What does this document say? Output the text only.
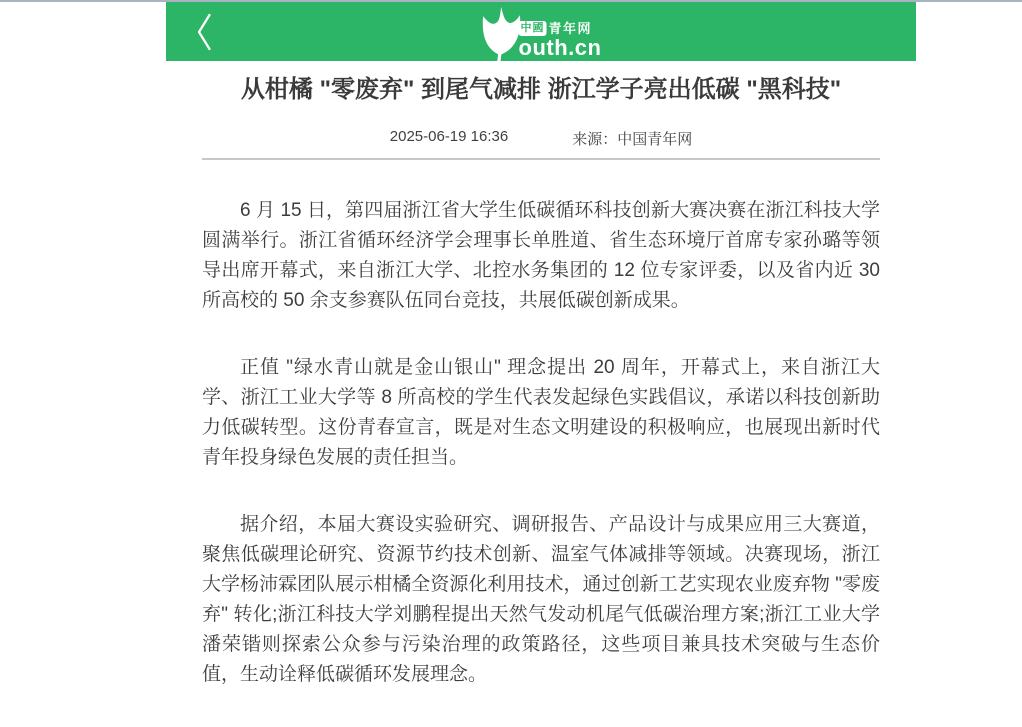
中國 青年网
outh.cn
从柑橘 "零废弃" 到尾气减排 浙江学子亮出低碳 "黑科技"
2025-06-19 16:36	来源：中国青年网

6 月 15 日，第四届浙江省大学生低碳循环科技创新大赛决赛在浙江科技大学圆满举行。浙江省循环经济学会理事长单胜道、省生态环境厅首席专家孙璐等领导出席开幕式，来自浙江大学、北控水务集团的 12 位专家评委，以及省内近 30 所高校的 50 余支参赛队伍同台竞技，共展低碳创新成果。

正值 "绿水青山就是金山银山" 理念提出 20 周年，开幕式上，来自浙江大学、浙江工业大学等 8 所高校的学生代表发起绿色实践倡议，承诺以科技创新助力低碳转型。这份青春宣言，既是对生态文明建设的积极响应，也展现出新时代青年投身绿色发展的责任担当。

据介绍，本届大赛设实验研究、调研报告、产品设计与成果应用三大赛道，聚焦低碳理论研究、资源节约技术创新、温室气体减排等领域。决赛现场，浙江大学杨沛霖团队展示柑橘全资源化利用技术，通过创新工艺实现农业废弃物 "零废弃" 转化;浙江科技大学刘鹏程提出天然气发动机尾气低碳治理方案;浙江工业大学潘荣锴则探索公众参与污染治理的政策路径，这些项目兼具技术突破与生态价值，生动诠释低碳循环发展理念。
